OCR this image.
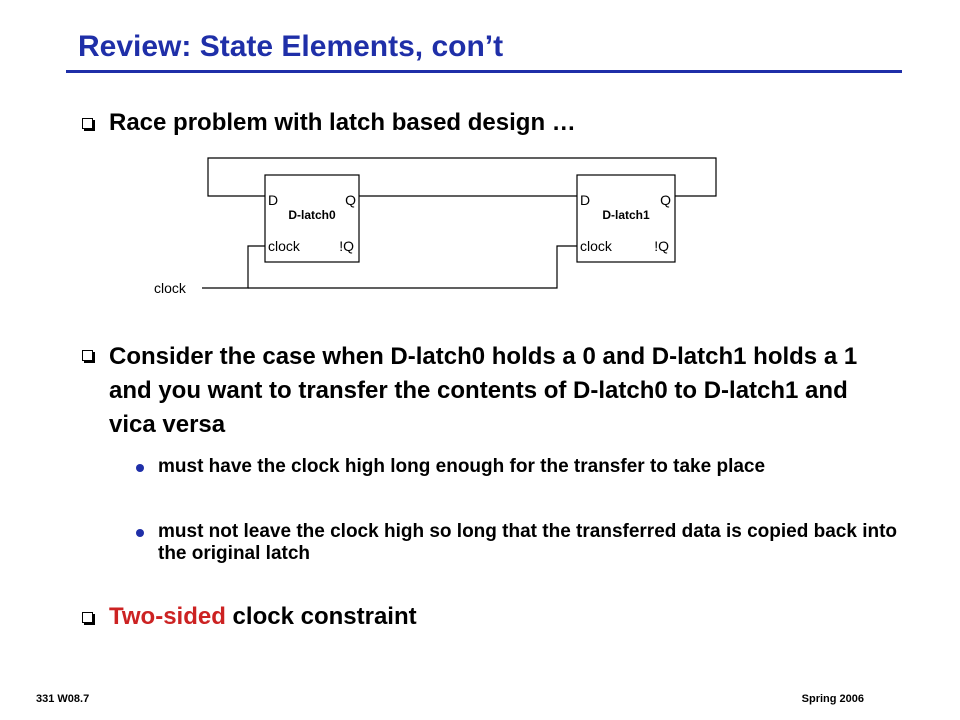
Review: State Elements, con’t
Race problem with latch based design …
D	Q
D-latch0
clock	!Q
D	Q
D-latch1
clock	!Q
clock
Consider the case when D-latch0 holds a 0 and D-latch1 holds a 1 and you want to transfer the contents of D-latch0 to D-latch1 and vica versa
must have the clock high long enough for the transfer to take place
must not leave the clock high so long that the transferred data is copied back into the original latch
Two-sided clock constraint
331 W08.7	Spring 2006
